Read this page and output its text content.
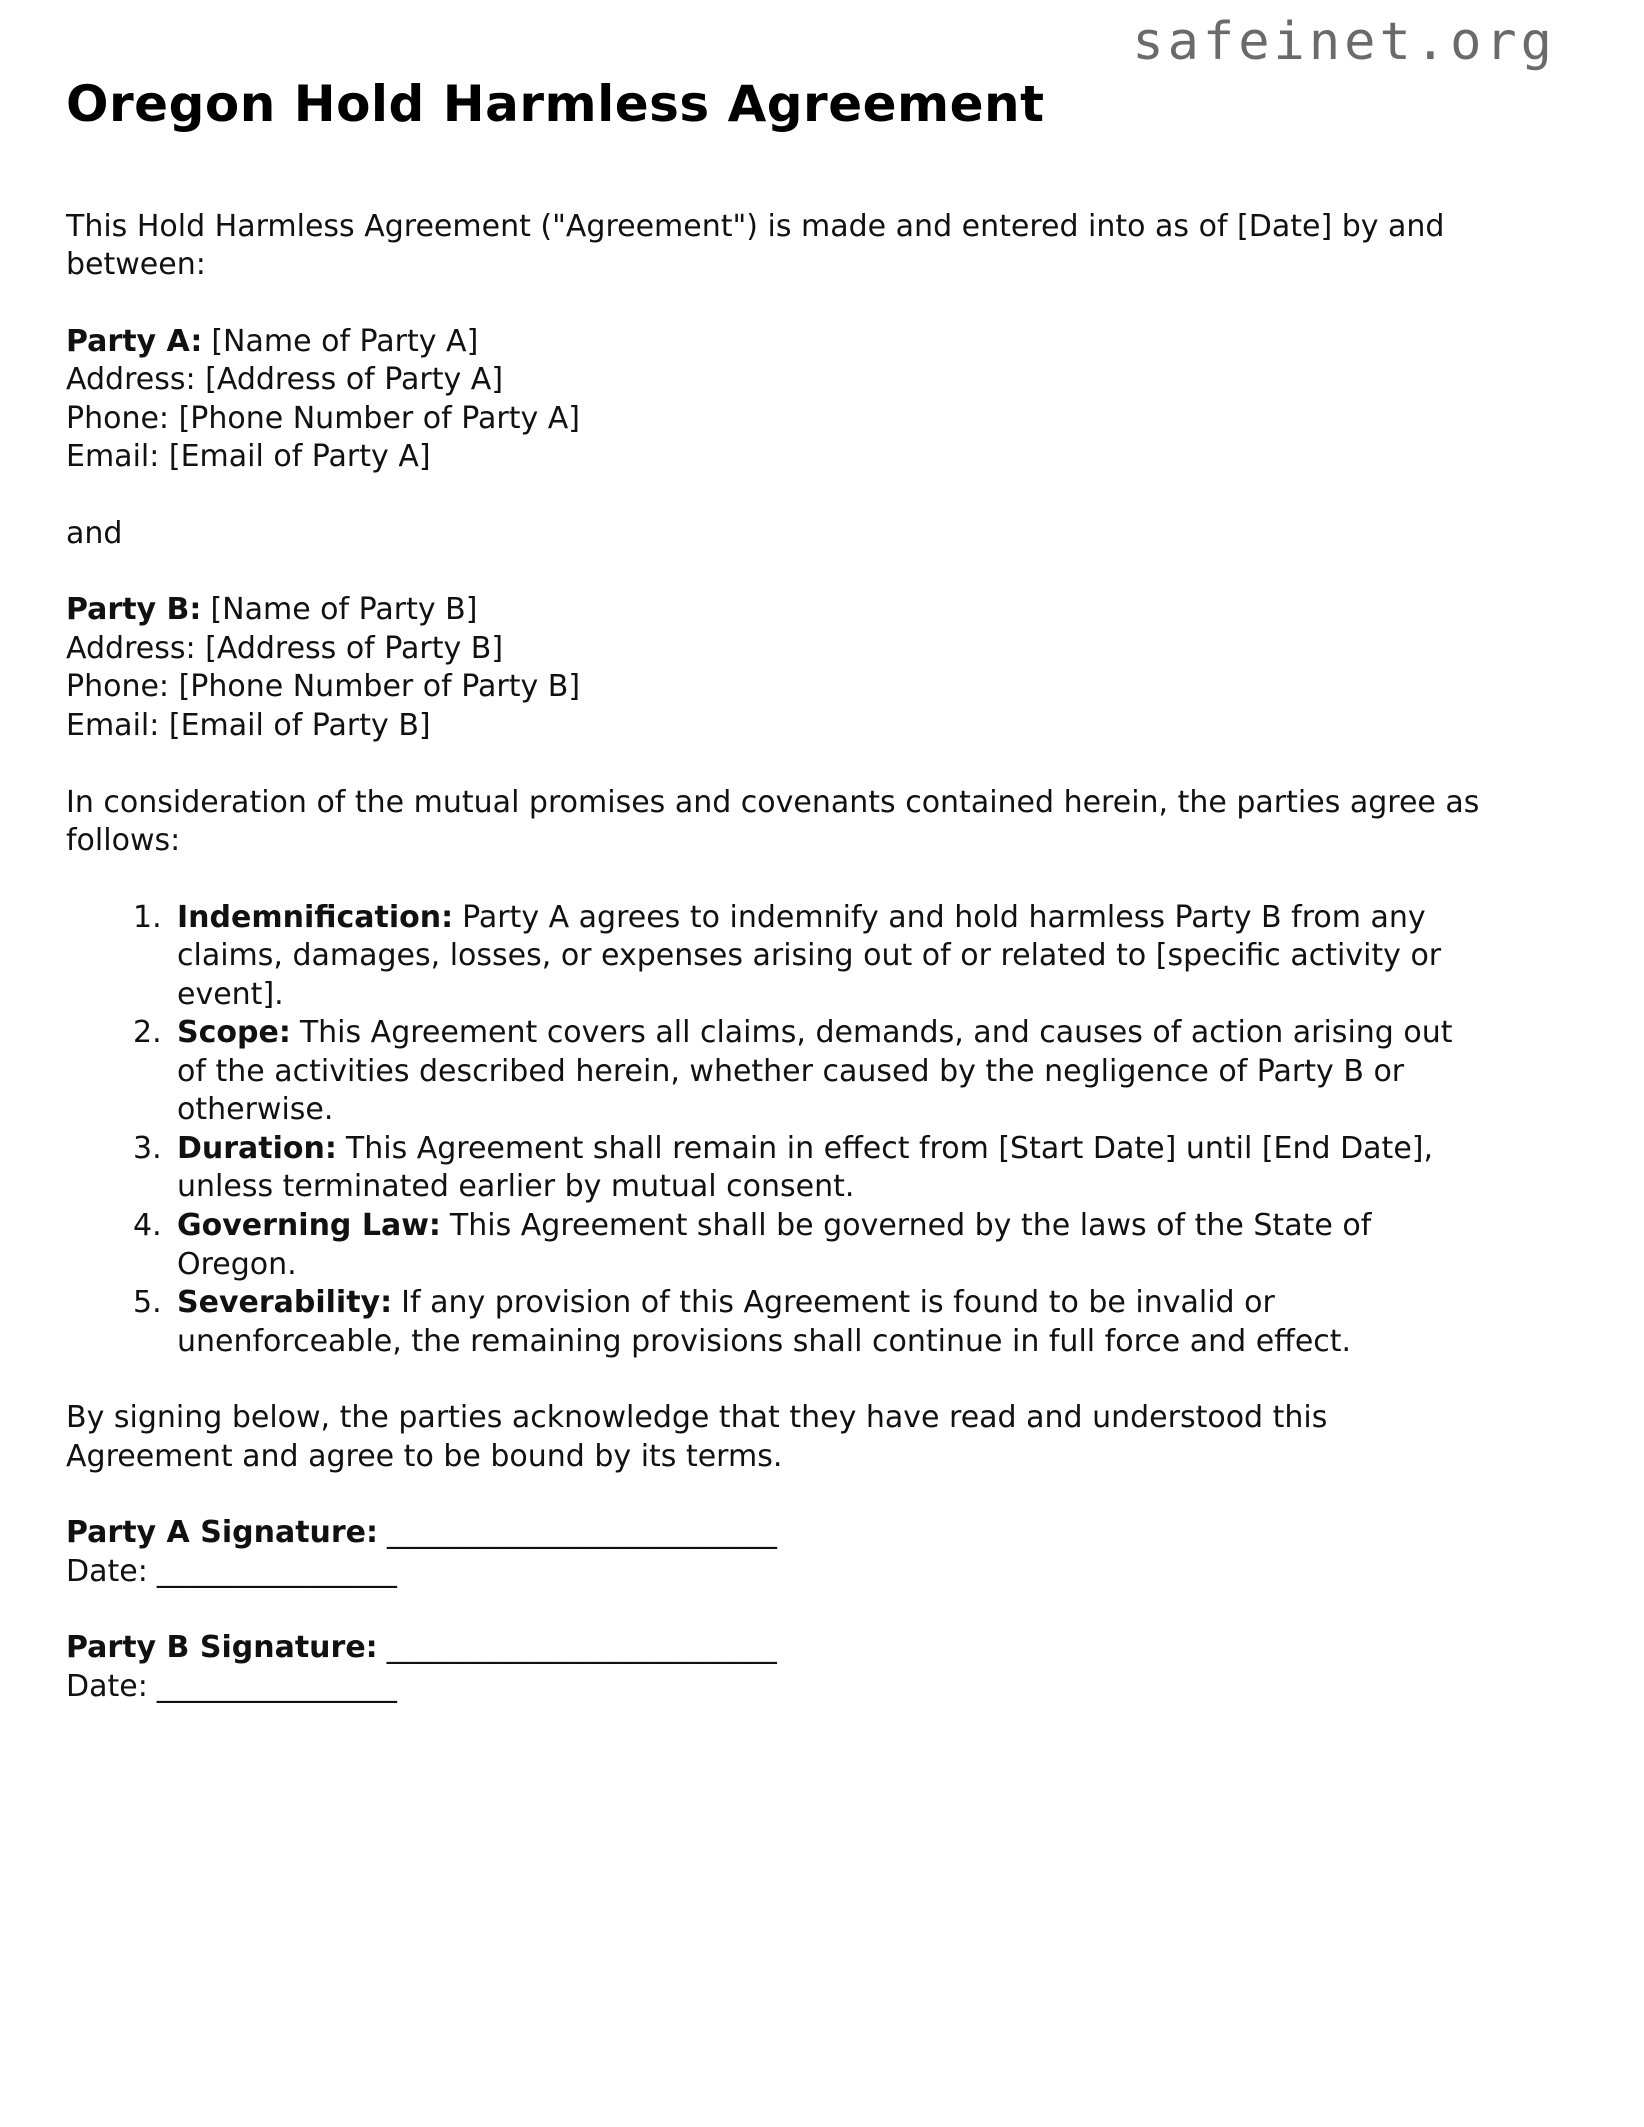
safeinet.org
Oregon Hold Harmless Agreement

This Hold Harmless Agreement ("Agreement") is made and entered into as of [Date] by and between:

Party A: [Name of Party A]
Address: [Address of Party A]
Phone: [Phone Number of Party A]
Email: [Email of Party A]

and

Party B: [Name of Party B]
Address: [Address of Party B]
Phone: [Phone Number of Party B]
Email: [Email of Party B]

In consideration of the mutual promises and covenants contained herein, the parties agree as follows:

1. Indemnification: Party A agrees to indemnify and hold harmless Party B from any claims, damages, losses, or expenses arising out of or related to [specific activity or event].
2. Scope: This Agreement covers all claims, demands, and causes of action arising out of the activities described herein, whether caused by the negligence of Party B or otherwise.
3. Duration: This Agreement shall remain in effect from [Start Date] until [End Date], unless terminated earlier by mutual consent.
4. Governing Law: This Agreement shall be governed by the laws of the State of Oregon.
5. Severability: If any provision of this Agreement is found to be invalid or unenforceable, the remaining provisions shall continue in full force and effect.

By signing below, the parties acknowledge that they have read and understood this Agreement and agree to be bound by its terms.

Party A Signature: __________________________
Date: ________________
Party B Signature: __________________________
Date: ________________
